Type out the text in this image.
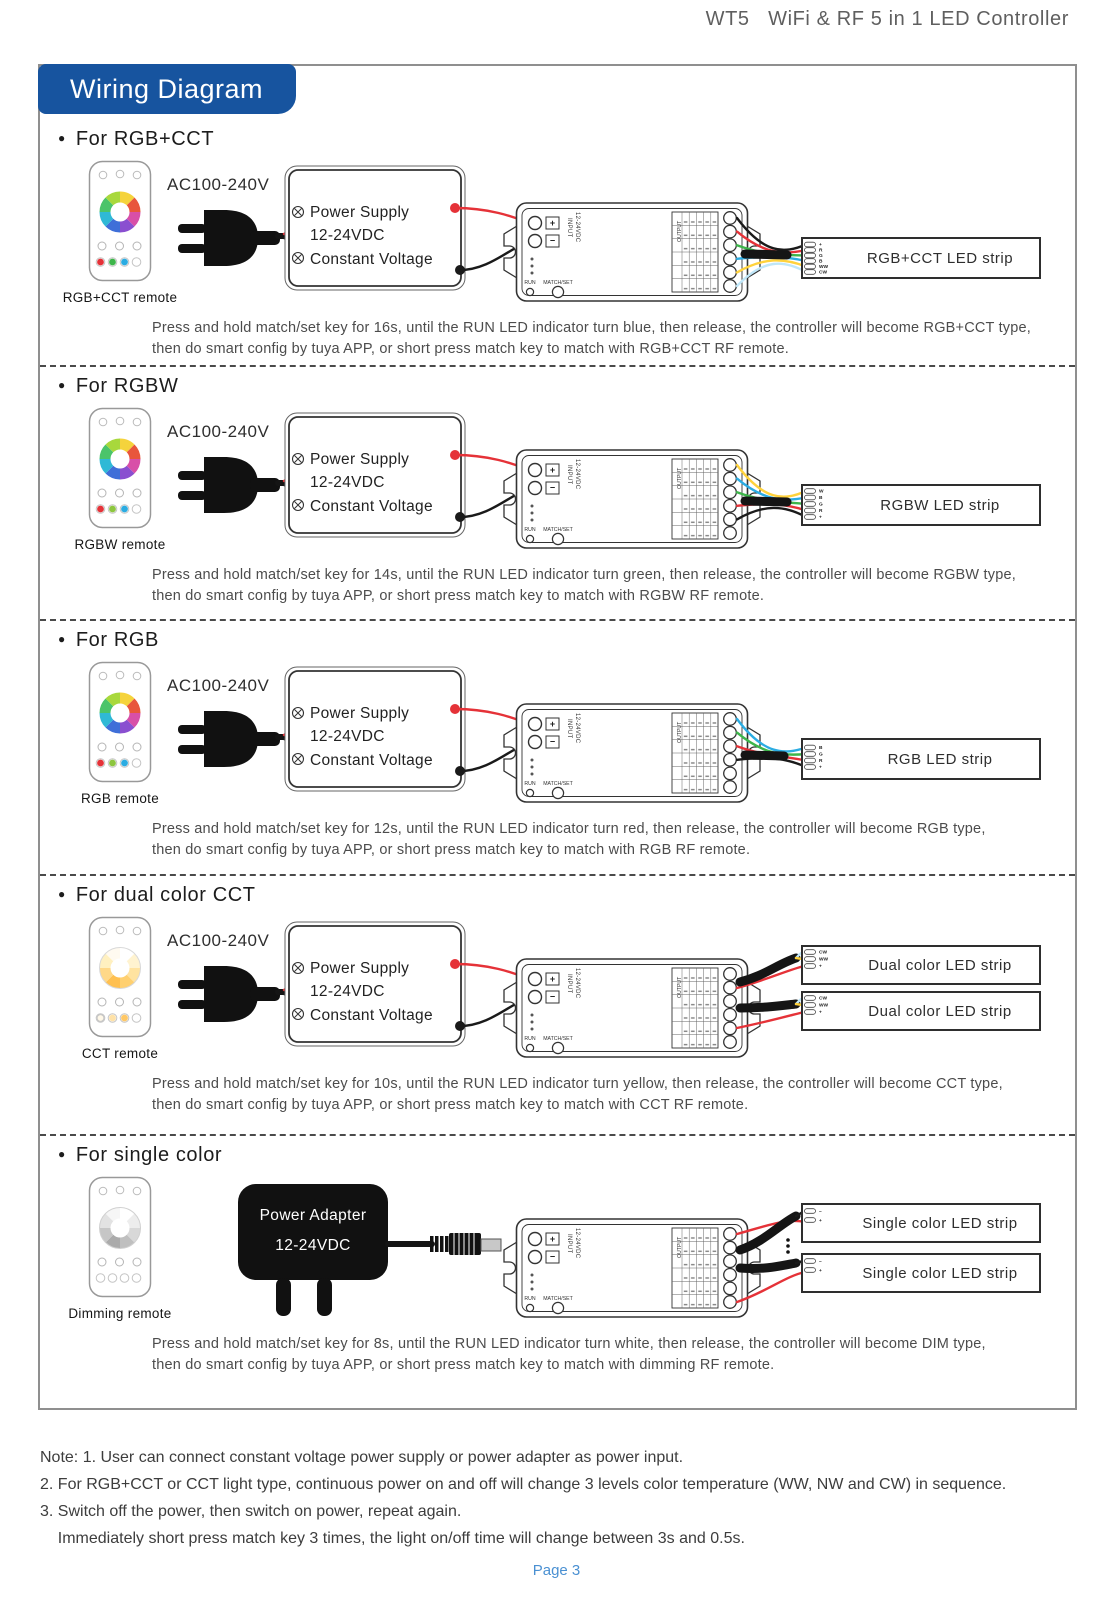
WT5   WiFi & RF 5 in 1 LED Controller
Wiring Diagram
● For RGB+CCT
RGB+CCT remote
AC100-240V
Power Supply
12-24VDC
Constant Voltage
+
−
INPUT 12-24VDC
RUN MATCH/SET
OUTPUT
+
R
G
B
WW
CW
RGB+CCT LED strip
Press and hold match/set key for 16s, until the RUN LED indicator turn blue, then release, the controller will become RGB+CCT type,
then do smart config by tuya APP, or short press match key to match with RGB+CCT RF remote.
● For RGBW
RGBW remote
AC100-240V
Power Supply
12-24VDC
Constant Voltage
+
−
INPUT 12-24VDC
RUN MATCH/SET
OUTPUT
W
B
G
R
+
RGBW LED strip
Press and hold match/set key for 14s, until the RUN LED indicator turn green, then release, the controller will become RGBW type,
then do smart config by tuya APP, or short press match key to match with RGBW RF remote.
● For RGB
RGB remote
AC100-240V
Power Supply
12-24VDC
Constant Voltage
+
−
INPUT 12-24VDC
RUN MATCH/SET
OUTPUT
B
G
R
+
RGB LED strip
Press and hold match/set key for 12s, until the RUN LED indicator turn red, then release, the controller will become RGB type,
then do smart config by tuya APP, or short press match key to match with RGB RF remote.
● For dual color CCT
CCT remote
AC100-240V
Power Supply
12-24VDC
Constant Voltage
+
−
INPUT 12-24VDC
RUN MATCH/SET
OUTPUT
CW
WW
+	Dual color LED strip
CW
WW
+	Dual color LED strip
Press and hold match/set key for 10s, until the RUN LED indicator turn yellow, then release, the controller will become CCT type,
then do smart config by tuya APP, or short press match key to match with CCT RF remote.
● For single color
Dimming remote
Power Adapter
12-24VDC	+
−
INPUT 12-24VDC
RUN MATCH/SET
OUTPUT
−
+	Single color LED strip
−
+	Single color LED strip
Press and hold match/set key for 8s, until the RUN LED indicator turn white, then release, the controller will become DIM type,
then do smart config by tuya APP, or short press match key to match with dimming RF remote.
Note: 1. User can connect constant voltage power supply or power adapter as power input.
2. For RGB+CCT or CCT light type, continuous power on and off will change 3 levels color temperature (WW, NW and CW) in sequence.
3. Switch off the power, then switch on power, repeat again.
Immediately short press match key 3 times, the light on/off time will change between 3s and 0.5s.
Page 3
